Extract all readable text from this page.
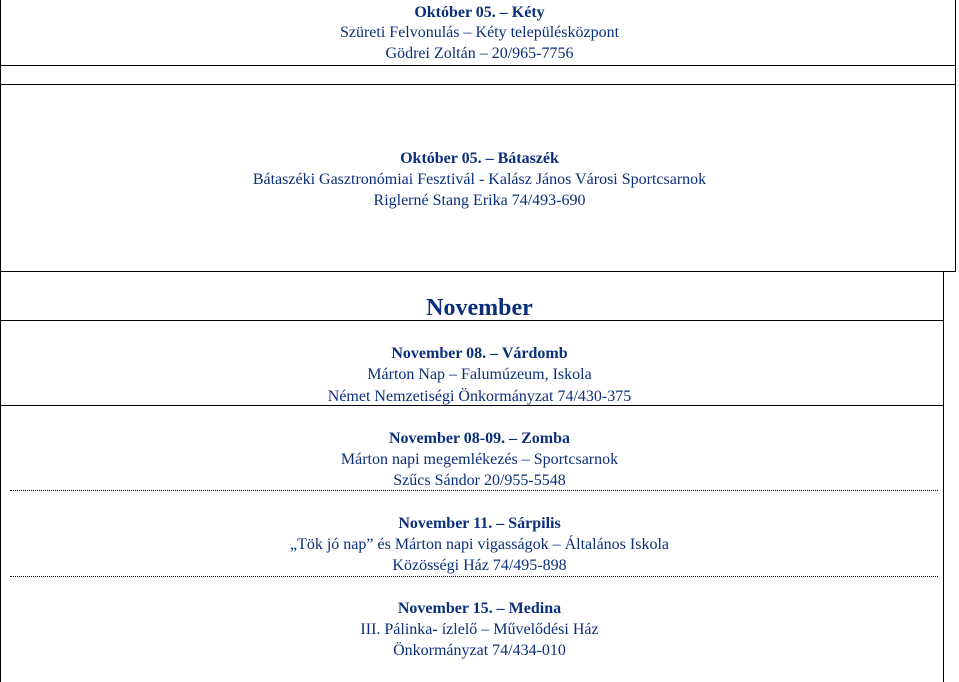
Október 05. – Kéty
Szüreti Felvonulás – Kéty településközpont
Gödrei Zoltán – 20/965-7756
Október 05. – Bátaszék
Bátaszéki Gasztronómiai Fesztivál - Kalász János Városi Sportcsarnok
Riglerné Stang Erika 74/493-690
November
November 08. – Várdomb
Márton Nap – Falumúzeum, Iskola
Német Nemzetiségi Önkormányzat 74/430-375
November 08-09. – Zomba
Márton napi megemlékezés – Sportcsarnok
Szűcs Sándor 20/955-5548
November 11. – Sárpilis
„Tök jó nap” és Márton napi vigasságok – Általános Iskola
Közösségi Ház 74/495-898
November 15. – Medina
III. Pálinka- ízlelő – Művelődési Ház
Önkormányzat 74/434-010
